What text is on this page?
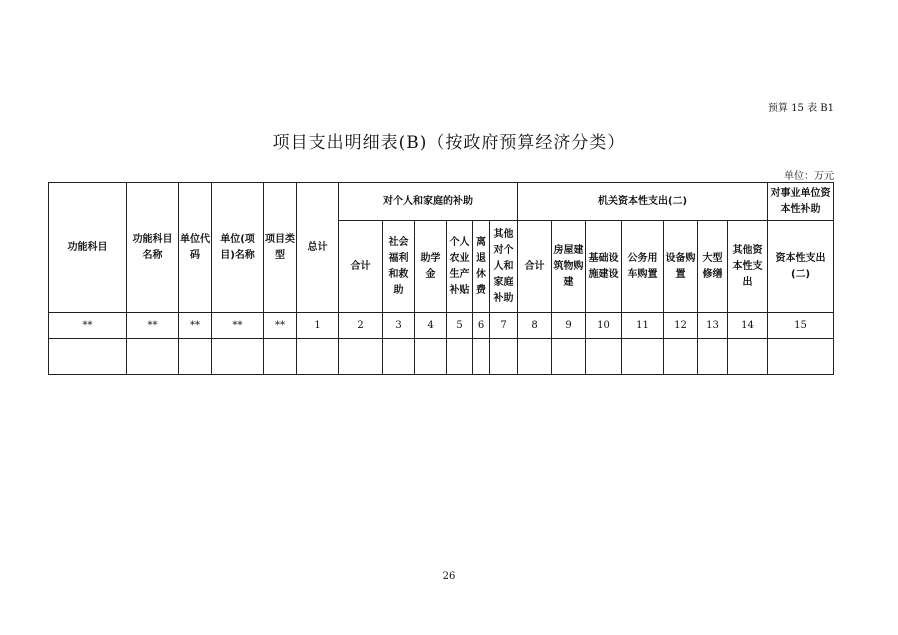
预算 15 表 B1
项目支出明细表(B)（按政府预算经济分类）
单位：万元
功能科目	功能科目名称	单位代码	单位(项目)名称	项目类型	总计	对个人和家庭的补助						机关资本性支出(二)							对事业单位资本性补助
						合计	社会福利和救助	助学金	个人农业生产补贴	离退休费	其他对个人和家庭补助	合计	房屋建筑物购建	基础设施建设	公务用车购置	设备购置	大型修缮	其他资本性支出	资本性支出(二)
**	**	**	**	**	1	2	3	4	5	6	7	8	9	10	11	12	13	14	15

26
